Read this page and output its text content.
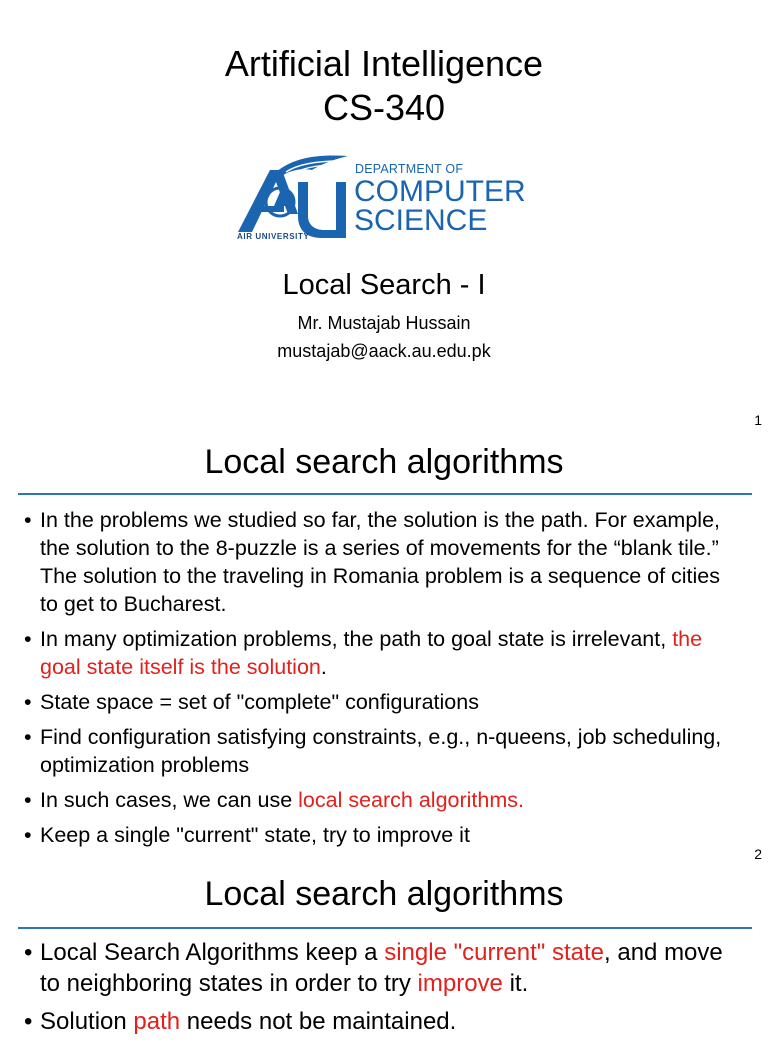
Artificial Intelligence
CS-340
AIR UNIVERSITY
DEPARTMENT OF
COMPUTER
SCIENCE
Local Search - I
Mr. Mustajab Hussain
mustajab@aack.au.edu.pk
1
Local search algorithms
• In the problems we studied so far, the solution is the path. For example, the solution to the 8-puzzle is a series of movements for the “blank tile.” The solution to the traveling in Romania problem is a sequence of cities to get to Bucharest.
• In many optimization problems, the path to goal state is irrelevant, the goal state itself is the solution.
• State space = set of "complete" configurations
• Find configuration satisfying constraints, e.g., n-queens, job scheduling, optimization problems
• In such cases, we can use local search algorithms.
• Keep a single "current" state, try to improve it
2
Local search algorithms
• Local Search Algorithms keep a single "current" state, and move to neighboring states in order to try improve it.
• Solution path needs not be maintained.
